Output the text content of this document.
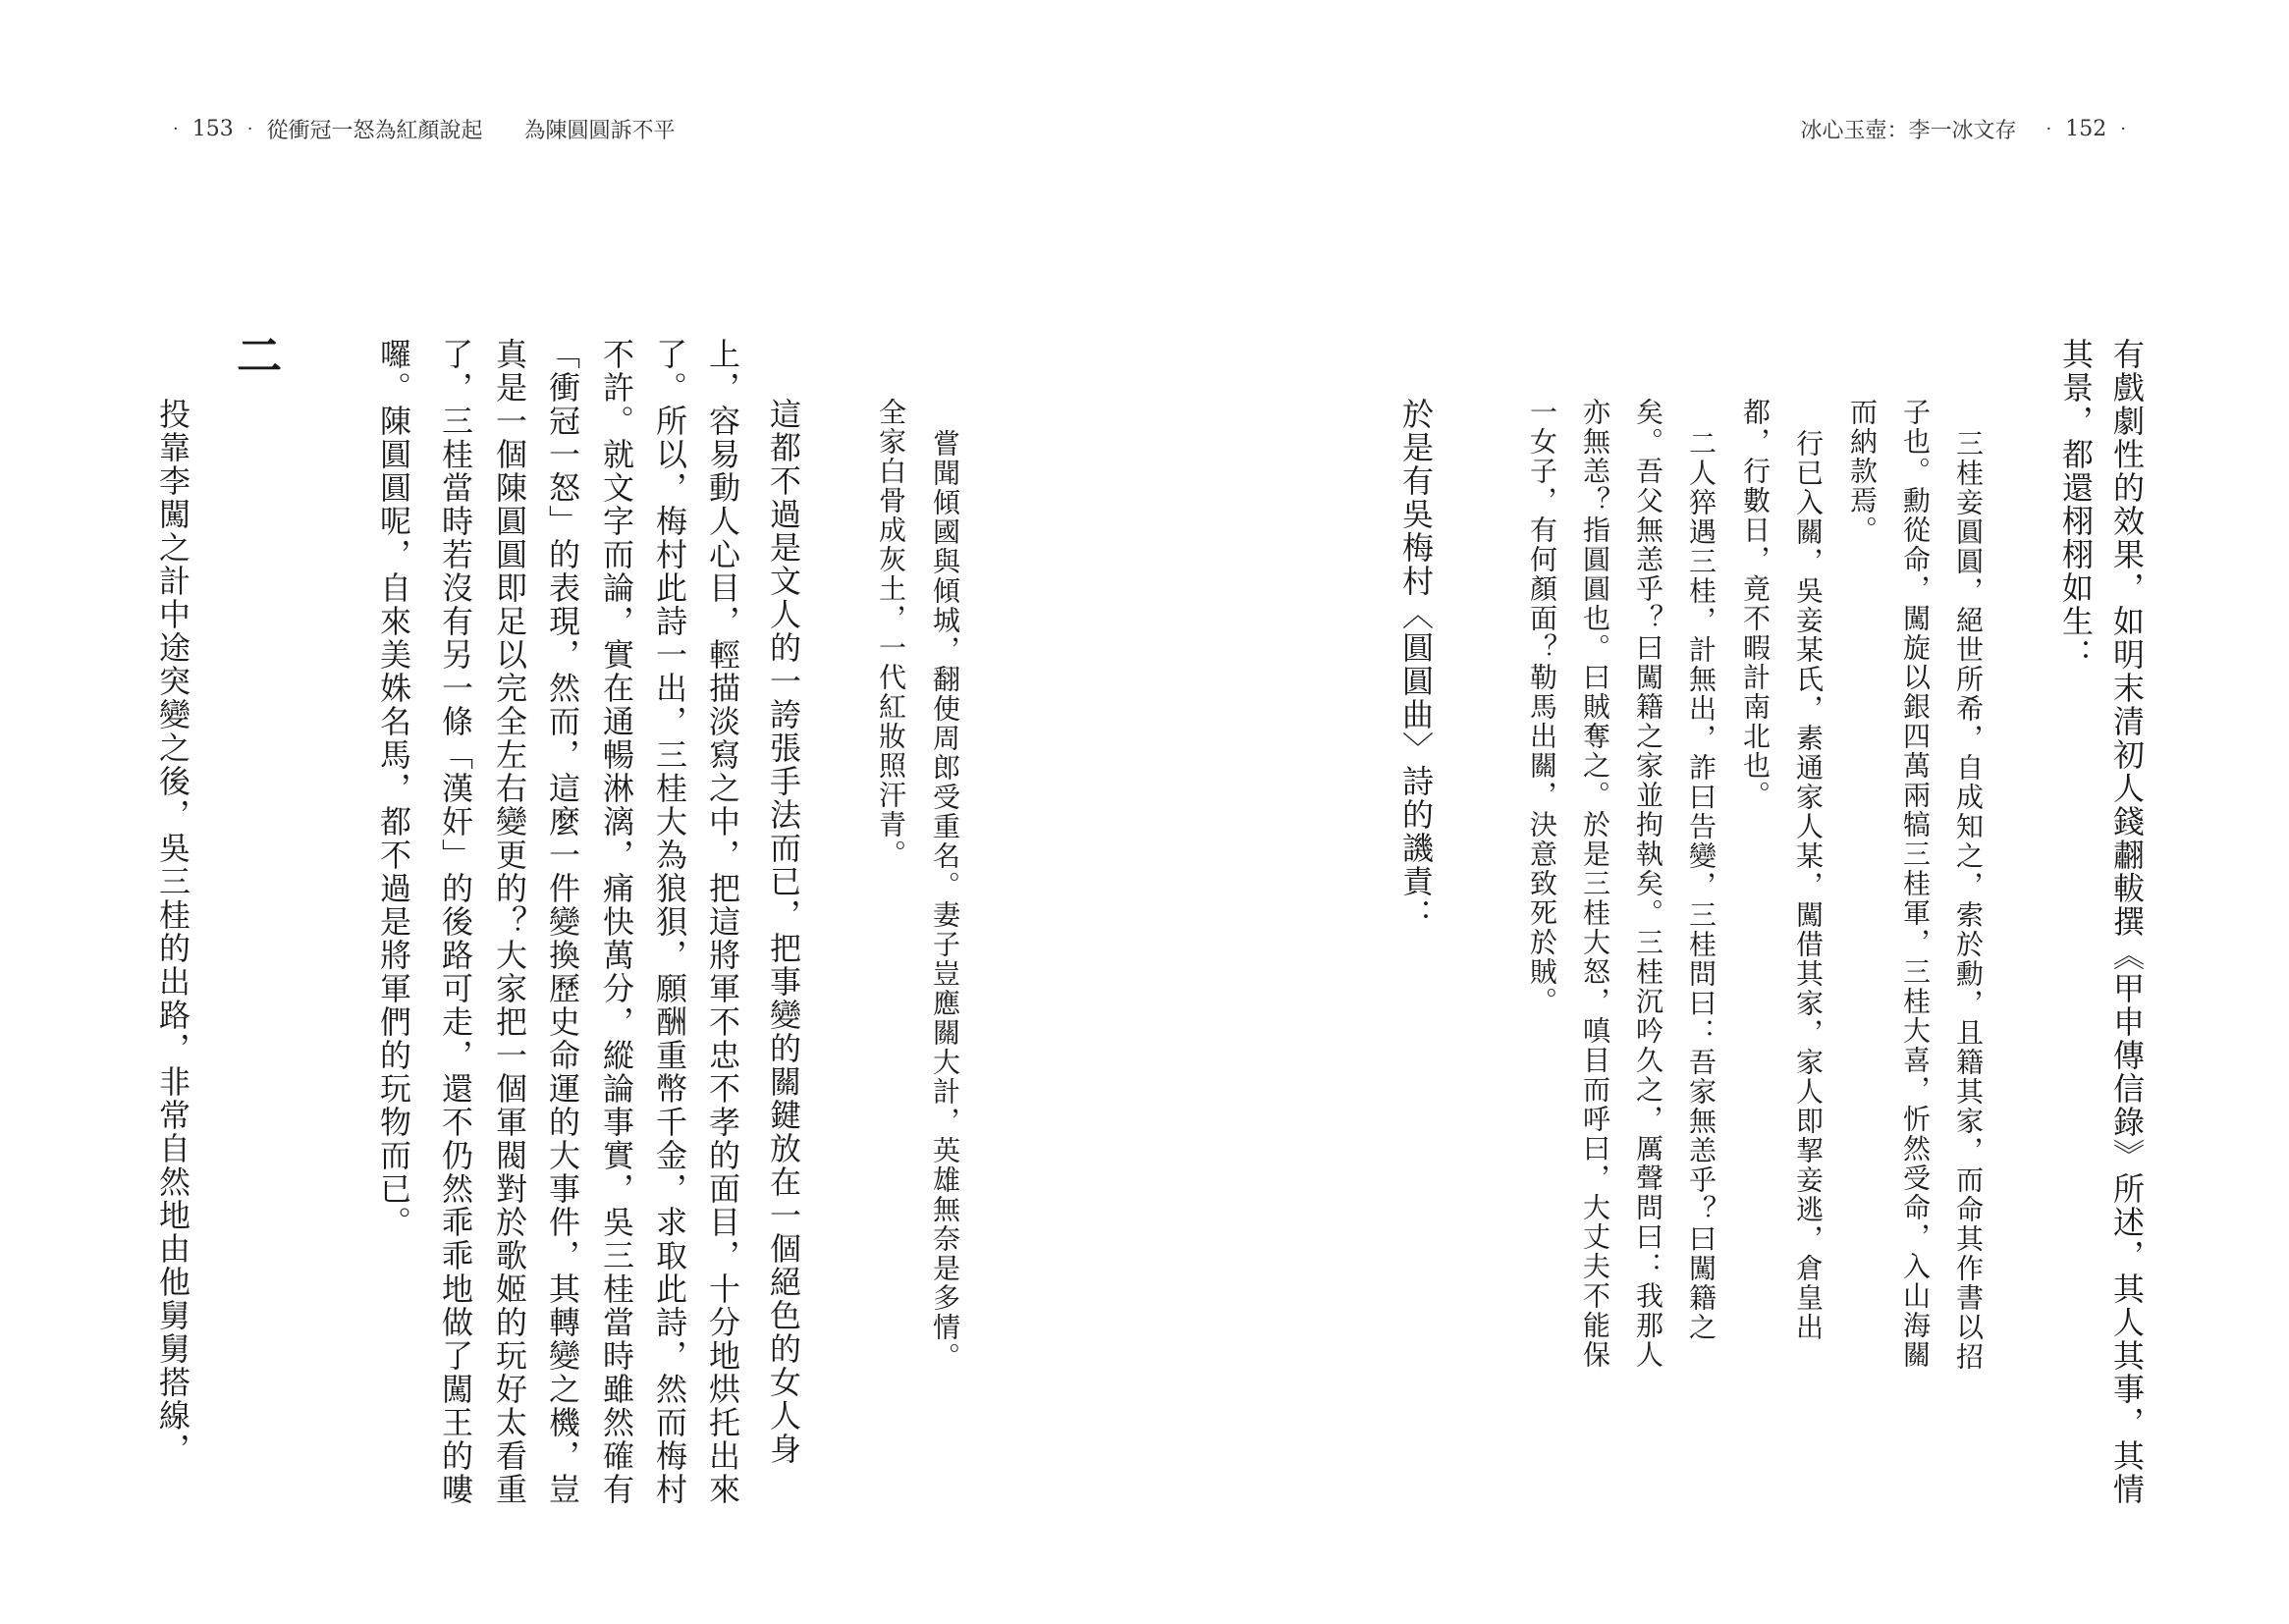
· 153 · 從衝冠一怒為紅顏說起 為陳圓圓訴不平	冰心玉壺：李一冰文存 · 152 ·
有戲劇性的效果，如明末清初人錢䎘軷撰《甲申傳信錄》所述，其人其事，其情
其景，都還栩栩如生：
三桂妾圓圓，絕世所希，自成知之，索於勳，且籍其家，而命其作書以招
子也。勳從命，闖旋以銀四萬兩犒三桂軍，三桂大喜，忻然受命，入山海關
而納款焉。
行已入關，吳妾某氏，素通家人某，闖借其家，家人即挈妾逃，倉皇出
都，行數日，竟不暇計南北也。
二人猝遇三桂，計無出，詐曰告變，三桂問曰：吾家無恙乎？曰闖籍之
矣。吾父無恙乎？曰闖籍之家並拘執矣。三桂沉吟久之，厲聲問曰：我那人
亦無恙？指圓圓也。曰賊奪之。於是三桂大怒，嗔目而呼曰，大丈夫不能保
一女子，有何顏面？勒馬出關，決意致死於賊。
於是有吳梅村〈圓圓曲〉詩的譏責：
嘗聞傾國與傾城，翻使周郎受重名。妻子豈應關大計，英雄無奈是多情。
全家白骨成灰土，一代紅妝照汗青。
這都不過是文人的一誇張手法而已，把事變的關鍵放在一個絕色的女人身
上，容易動人心目，輕描淡寫之中，把這將軍不忠不孝的面目，十分地烘托出來
了。所以，梅村此詩一出，三桂大為狼狽，願酬重幣千金，求取此詩，然而梅村
不許。就文字而論，實在通暢淋漓，痛快萬分，縱論事實，吳三桂當時雖然確有
「衝冠一怒」的表現，然而，這麼一件變換歷史命運的大事件，其轉變之機，豈
真是一個陳圓圓即足以完全左右變更的？大家把一個軍閥對於歌姬的玩好太看重
了，三桂當時若沒有另一條「漢奸」的後路可走，還不仍然乖乖地做了闖王的嘍
囉。陳圓圓呢，自來美姝名馬，都不過是將軍們的玩物而已。
二
投靠李闖之計中途突變之後，吳三桂的出路，非常自然地由他舅舅搭線，
